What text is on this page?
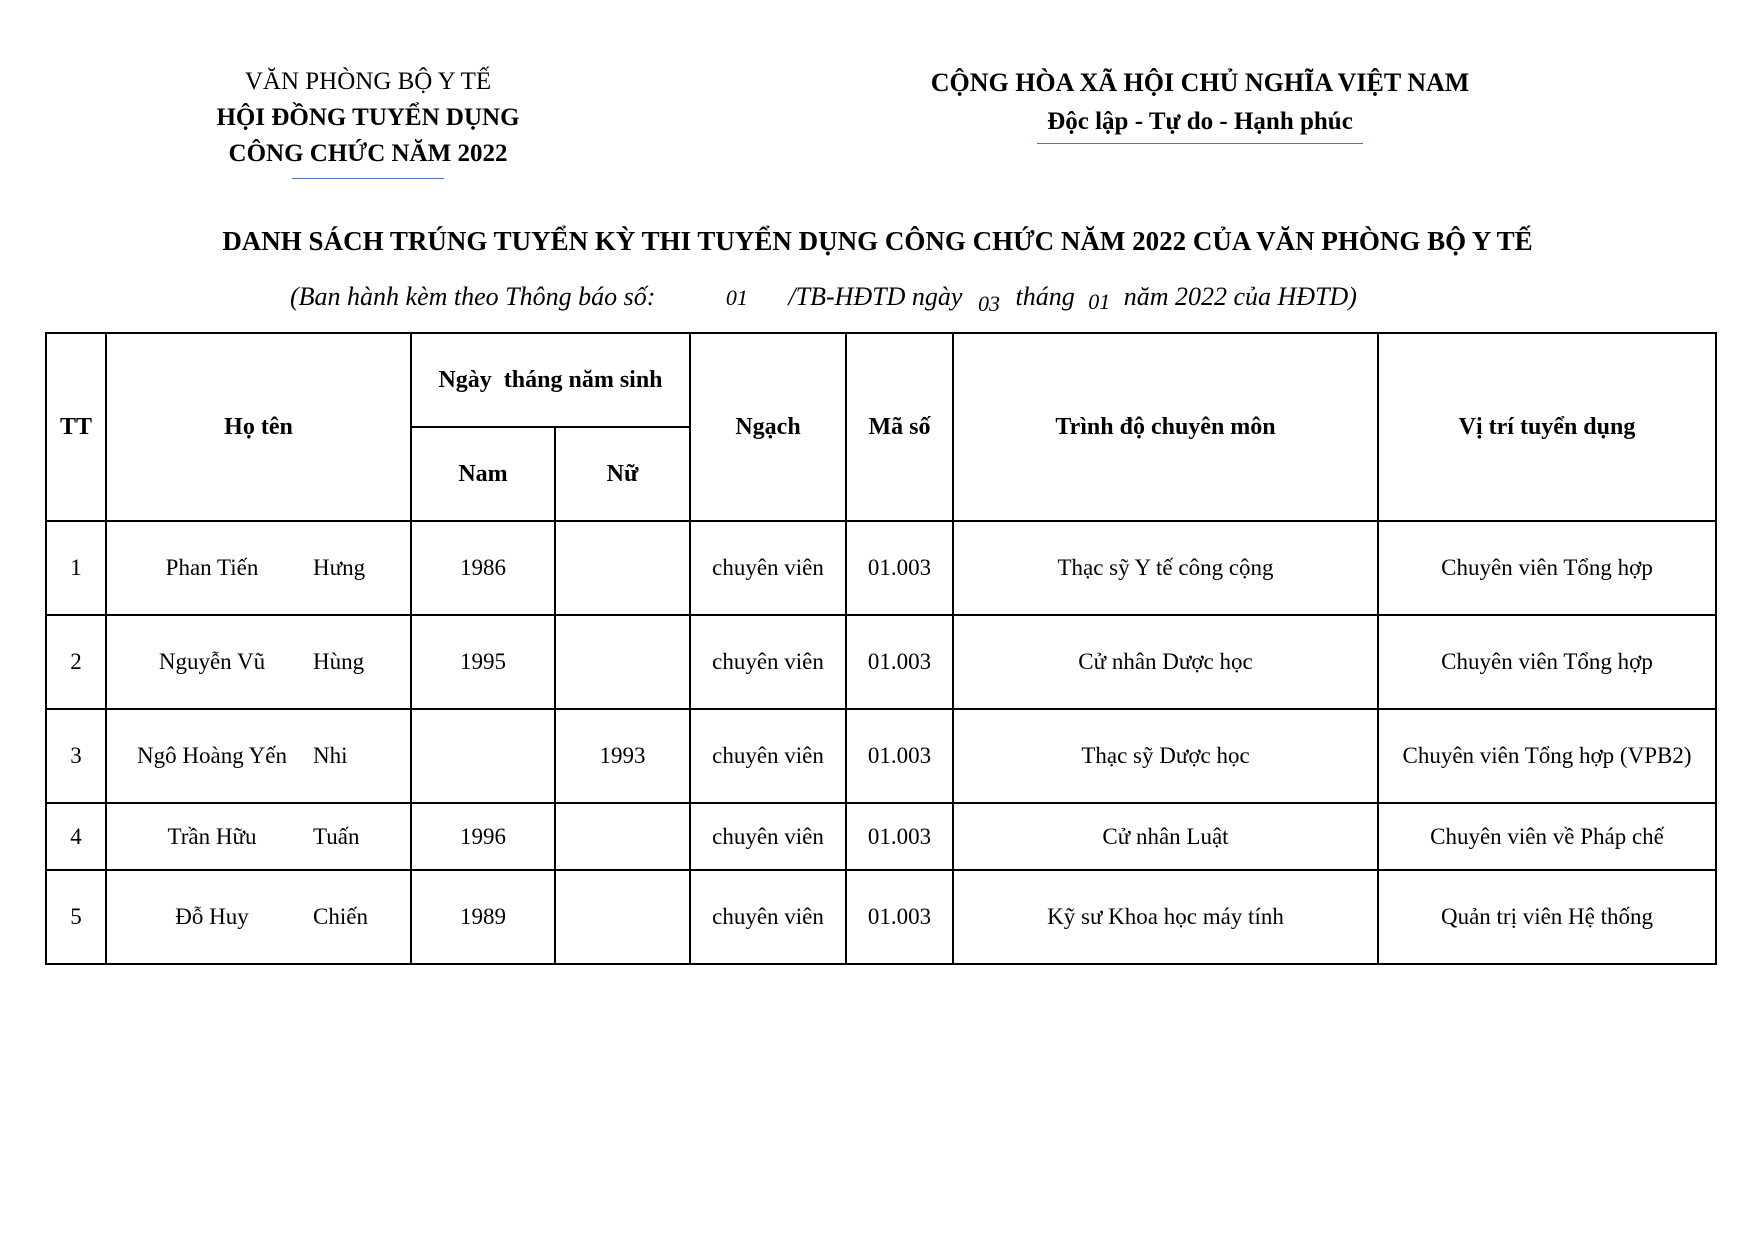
VĂN PHÒNG BỘ Y TẾ
HỘI ĐỒNG TUYỂN DỤNG
CÔNG CHỨC NĂM 2022
CỘNG HÒA XÃ HỘI CHỦ NGHĨA VIỆT NAM
Độc lập - Tự do - Hạnh phúc
DANH SÁCH TRÚNG TUYỂN KỲ THI TUYỂN DỤNG CÔNG CHỨC NĂM 2022 CỦA VĂN PHÒNG BỘ Y TẾ
(Ban hành kèm theo Thông báo số:	01 /TB-HĐTD ngày 03 tháng 01 năm 2022 của HĐTD)
TT	Họ tên	Ngày  tháng năm sinh		Ngạch	Mã số	Trình độ chuyên môn	Vị trí tuyển dụng
		Nam	Nữ				
1	Phan Tiến Hưng	1986		chuyên viên	01.003	Thạc sỹ Y tế công cộng	Chuyên viên Tổng hợp
2	Nguyễn Vũ Hùng	1995		chuyên viên	01.003	Cử nhân Dược học	Chuyên viên Tổng hợp
3	Ngô Hoàng Yến Nhi		1993	chuyên viên	01.003	Thạc sỹ Dược học	Chuyên viên Tổng hợp (VPB2)
4	Trần Hữu Tuấn	1996		chuyên viên	01.003	Cử nhân Luật	Chuyên viên về Pháp chế
5	Đỗ Huy Chiến	1989		chuyên viên	01.003	Kỹ sư Khoa học máy tính	Quản trị viên Hệ thống
